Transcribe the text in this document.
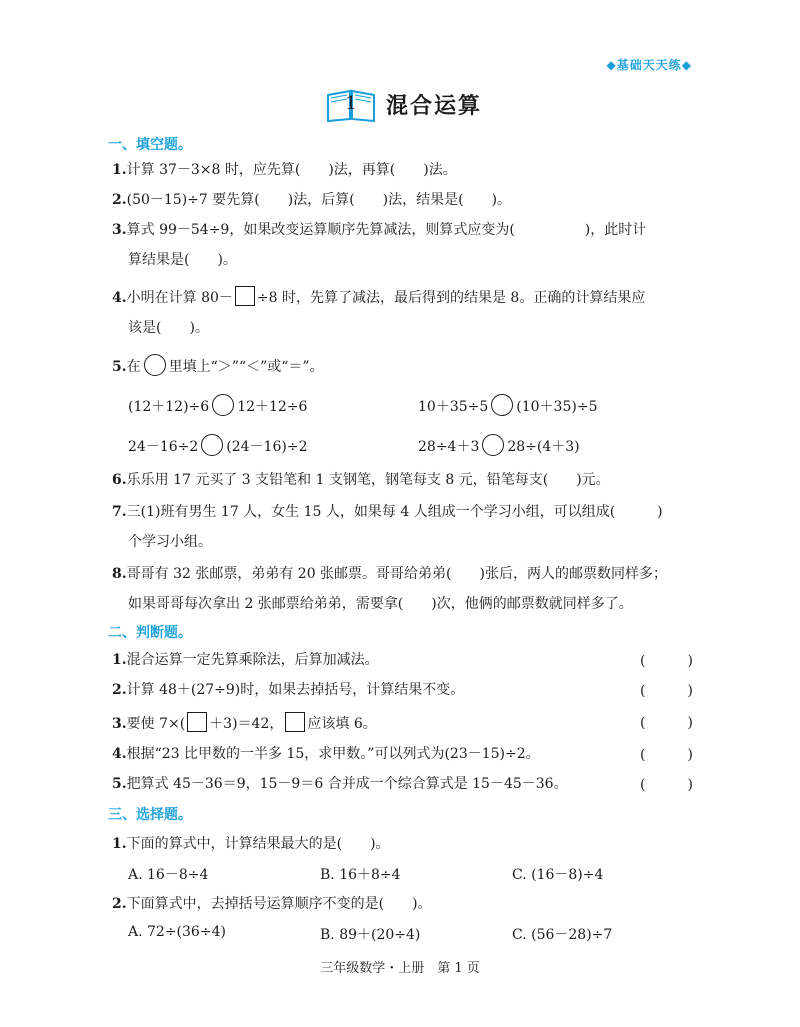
◆基础天天练◆
1 混合运算
一、填空题。
1.计算 37－3×8 时，应先算(　　)法，再算(　　)法。
2.(50－15)÷7 要先算(　　)法，后算(　　)法，结果是(　　)。
3.算式 99－54÷9，如果改变运算顺序先算减法，则算式应变为(　　　　　)，此时计
算结果是(　　)。
4.小明在计算 80－ ÷8 时，先算了减法，最后得到的结果是 8。正确的计算结果应
该是(　　)。
5.在 里填上“＞”“＜”或“＝”。
(12＋12)÷6 12＋12÷6	10＋35÷5 (10＋35)÷5
24－16÷2 (24－16)÷2	28÷4＋3 28÷(4＋3)
6.乐乐用 17 元买了 3 支铅笔和 1 支钢笔，钢笔每支 8 元，铅笔每支(　　)元。
7.三(1)班有男生 17 人，女生 15 人，如果每 4 人组成一个学习小组，可以组成(　　　)
个学习小组。
8.哥哥有 32 张邮票，弟弟有 20 张邮票。哥哥给弟弟(　　)张后，两人的邮票数同样多；
如果哥哥每次拿出 2 张邮票给弟弟，需要拿(　　)次，他俩的邮票数就同样多了。
二、判断题。
1.混合运算一定先算乘除法，后算加减法。	(　　　)
2.计算 48＋(27÷9)时，如果去掉括号，计算结果不变。	(　　　)
3.要使 7×( ＋3)＝42， 应该填 6。	(　　　)
4.根据“23 比甲数的一半多 15，求甲数。”可以列式为(23－15)÷2。	(　　　)
5.把算式 45－36＝9，15－9＝6 合并成一个综合算式是 15－45－36。	(　　　)
三、选择题。
1.下面的算式中，计算结果最大的是(　　)。
A. 16－8÷4	B. 16＋8÷4	C. (16－8)÷4
2.下面算式中，去掉括号运算顺序不变的是(　　)。
A. 72÷(36÷4)	B. 89＋(20÷4)	C. (56－28)÷7
三年级数学・上册　第 1 页
